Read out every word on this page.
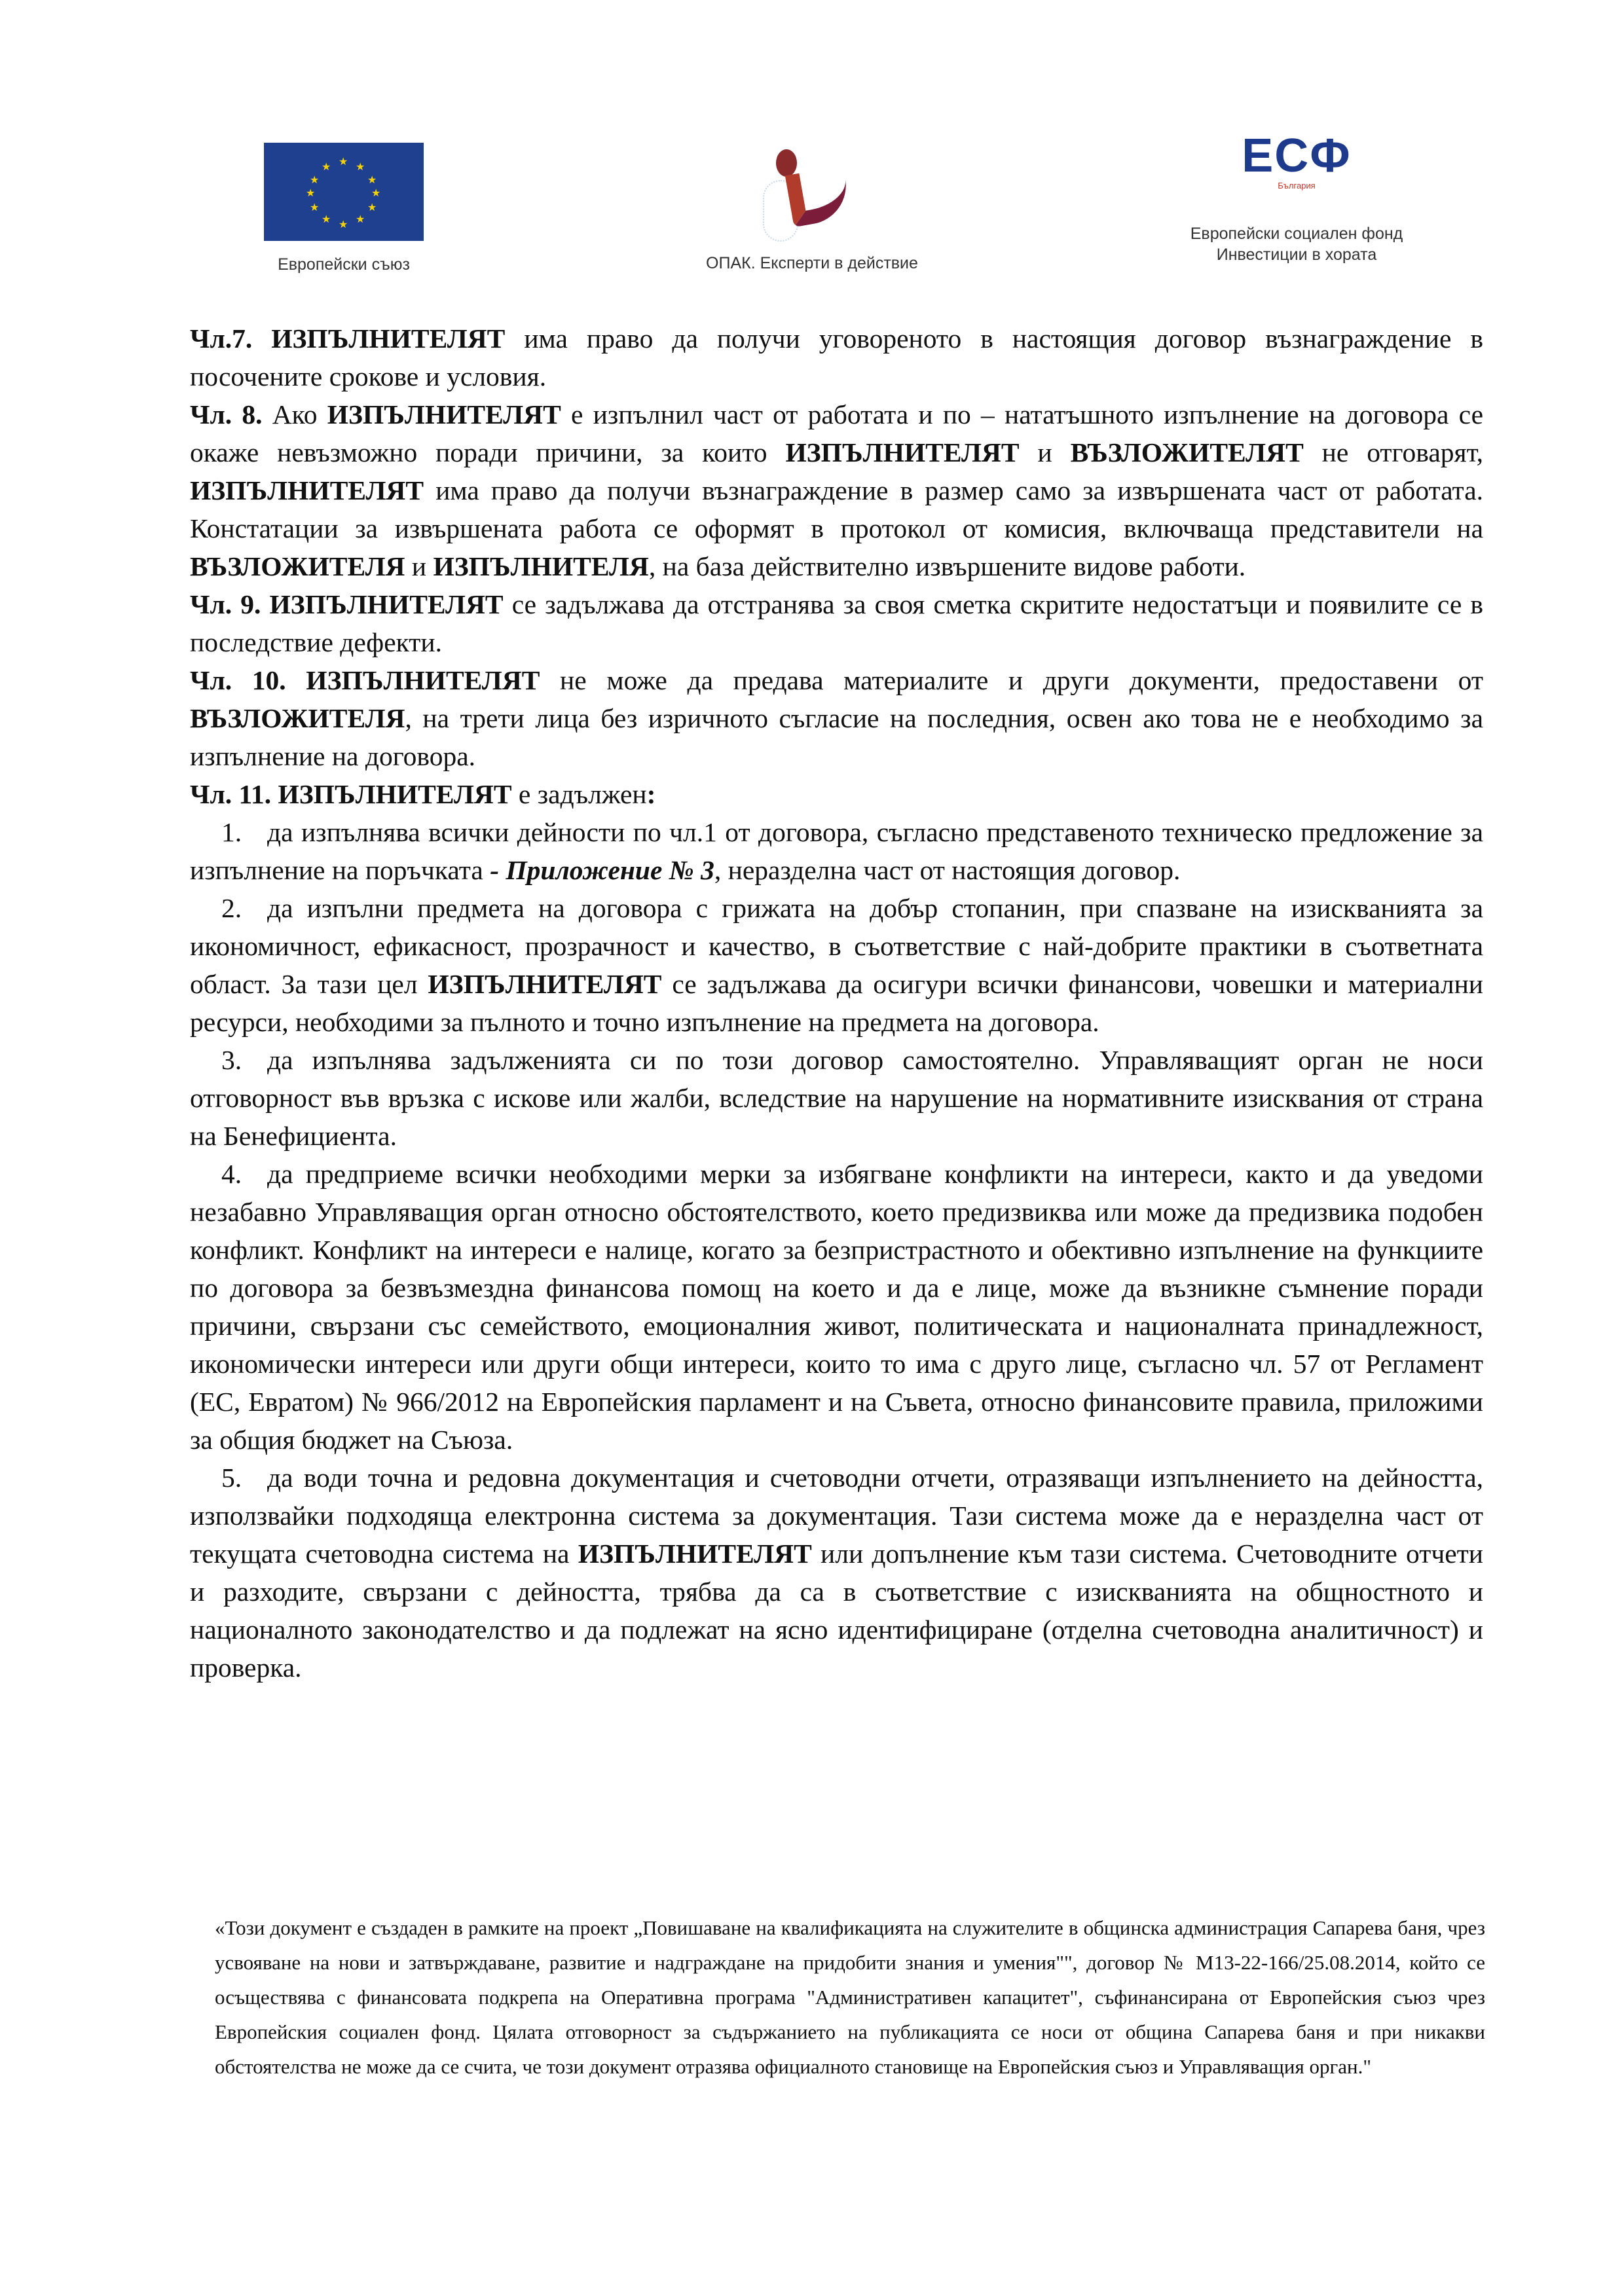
★ ★
★
★
★
★
★
★
★
★
★
★
Европейски съюз	ОПАК. Експерти в действие
ЕСФ
България
Европейски социален фонд
Инвестиции в хората

Чл.7. ИЗПЪЛНИТЕЛЯТ има право да получи уговореното в настоящия договор възнаграждение в посочените срокове и условия.

Чл. 8. Ако ИЗПЪЛНИТЕЛЯТ е изпълнил част от работата и по – нататъшното изпълнение на договора се окаже невъзможно поради причини, за които ИЗПЪЛНИТЕЛЯТ и ВЪЗЛОЖИТЕЛЯТ не отговарят, ИЗПЪЛНИТЕЛЯТ има право да получи възнаграждение в размер само за извършената част от работата. Констатации за извършената работа се оформят в протокол от комисия, включваща представители на ВЪЗЛОЖИТЕЛЯ и ИЗПЪЛНИТЕЛЯ, на база действително извършените видове работи.

Чл. 9. ИЗПЪЛНИТЕЛЯТ се задължава да отстранява за своя сметка скритите недостатъци и появилите се в последствие дефекти.

Чл. 10. ИЗПЪЛНИТЕЛЯТ не може да предава материалите и други документи, предоставени от ВЪЗЛОЖИТЕЛЯ, на трети лица без изричното съгласие на последния, освен ако това не е необходимо за изпълнение на договора.

Чл. 11. ИЗПЪЛНИТЕЛЯТ е задължен:

1. да изпълнява всички дейности по чл.1 от договора, съгласно представеното техническо предложение за изпълнение на поръчката - Приложение № 3, неразделна част от настоящия договор.

2. да изпълни предмета на договора с грижата на добър стопанин, при спазване на изискванията за икономичност, ефикасност, прозрачност и качество, в съответствие с най-добрите практики в съответната област. За тази цел ИЗПЪЛНИТЕЛЯТ се задължава да осигури всички финансови, човешки и материални ресурси, необходими за пълното и точно изпълнение на предмета на договора.

3. да изпълнява задълженията си по този договор самостоятелно. Управляващият орган не носи отговорност във връзка с искове или жалби, вследствие на нарушение на нормативните изисквания от страна на Бенефициента.

4. да предприеме всички необходими мерки за избягване конфликти на интереси, както и да уведоми незабавно Управляващия орган относно обстоятелството, което предизвиква или може да предизвика подобен конфликт. Конфликт на интереси е налице, когато за безпристрастното и обективно изпълнение на функциите по договора за безвъзмездна финансова помощ на което и да е лице, може да възникне съмнение поради причини, свързани със семейството, емоционалния живот, политическата и националната принадлежност, икономически интереси или други общи интереси, които то има с друго лице, съгласно чл. 57 от Регламент (ЕС, Евратом) № 966/2012 на Европейския парламент и на Съвета, относно финансовите правила, приложими за общия бюджет на Съюза.

5. да води точна и редовна документация и счетоводни отчети, отразяващи изпълнението на дейността, използвайки подходяща електронна система за документация. Тази система може да е неразделна част от текущата счетоводна система на ИЗПЪЛНИТЕЛЯТ или допълнение към тази система. Счетоводните отчети и разходите, свързани с дейността, трябва да са в съответствие с изискванията на общностното и националното законодателство и да подлежат на ясно идентифициране (отделна счетоводна аналитичност) и проверка.

«Този документ е създаден в рамките на проект „Повишаване на квалификацията на служителите в общинска администрация Сапарева баня, чрез усвояване на нови и затвърждаване, развитие и надграждане на придобити знания и умения"", договор № М13-22-166/25.08.2014, който се осъществява с финансовата подкрепа на Оперативна програма "Административен капацитет", съфинансирана от Европейския съюз чрез Европейския социален фонд. Цялата отговорност за съдържанието на публикацията се носи от община Сапарева баня и при никакви обстоятелства не може да се счита, че този документ отразява официалното становище на Европейския съюз и Управляващия орган."
